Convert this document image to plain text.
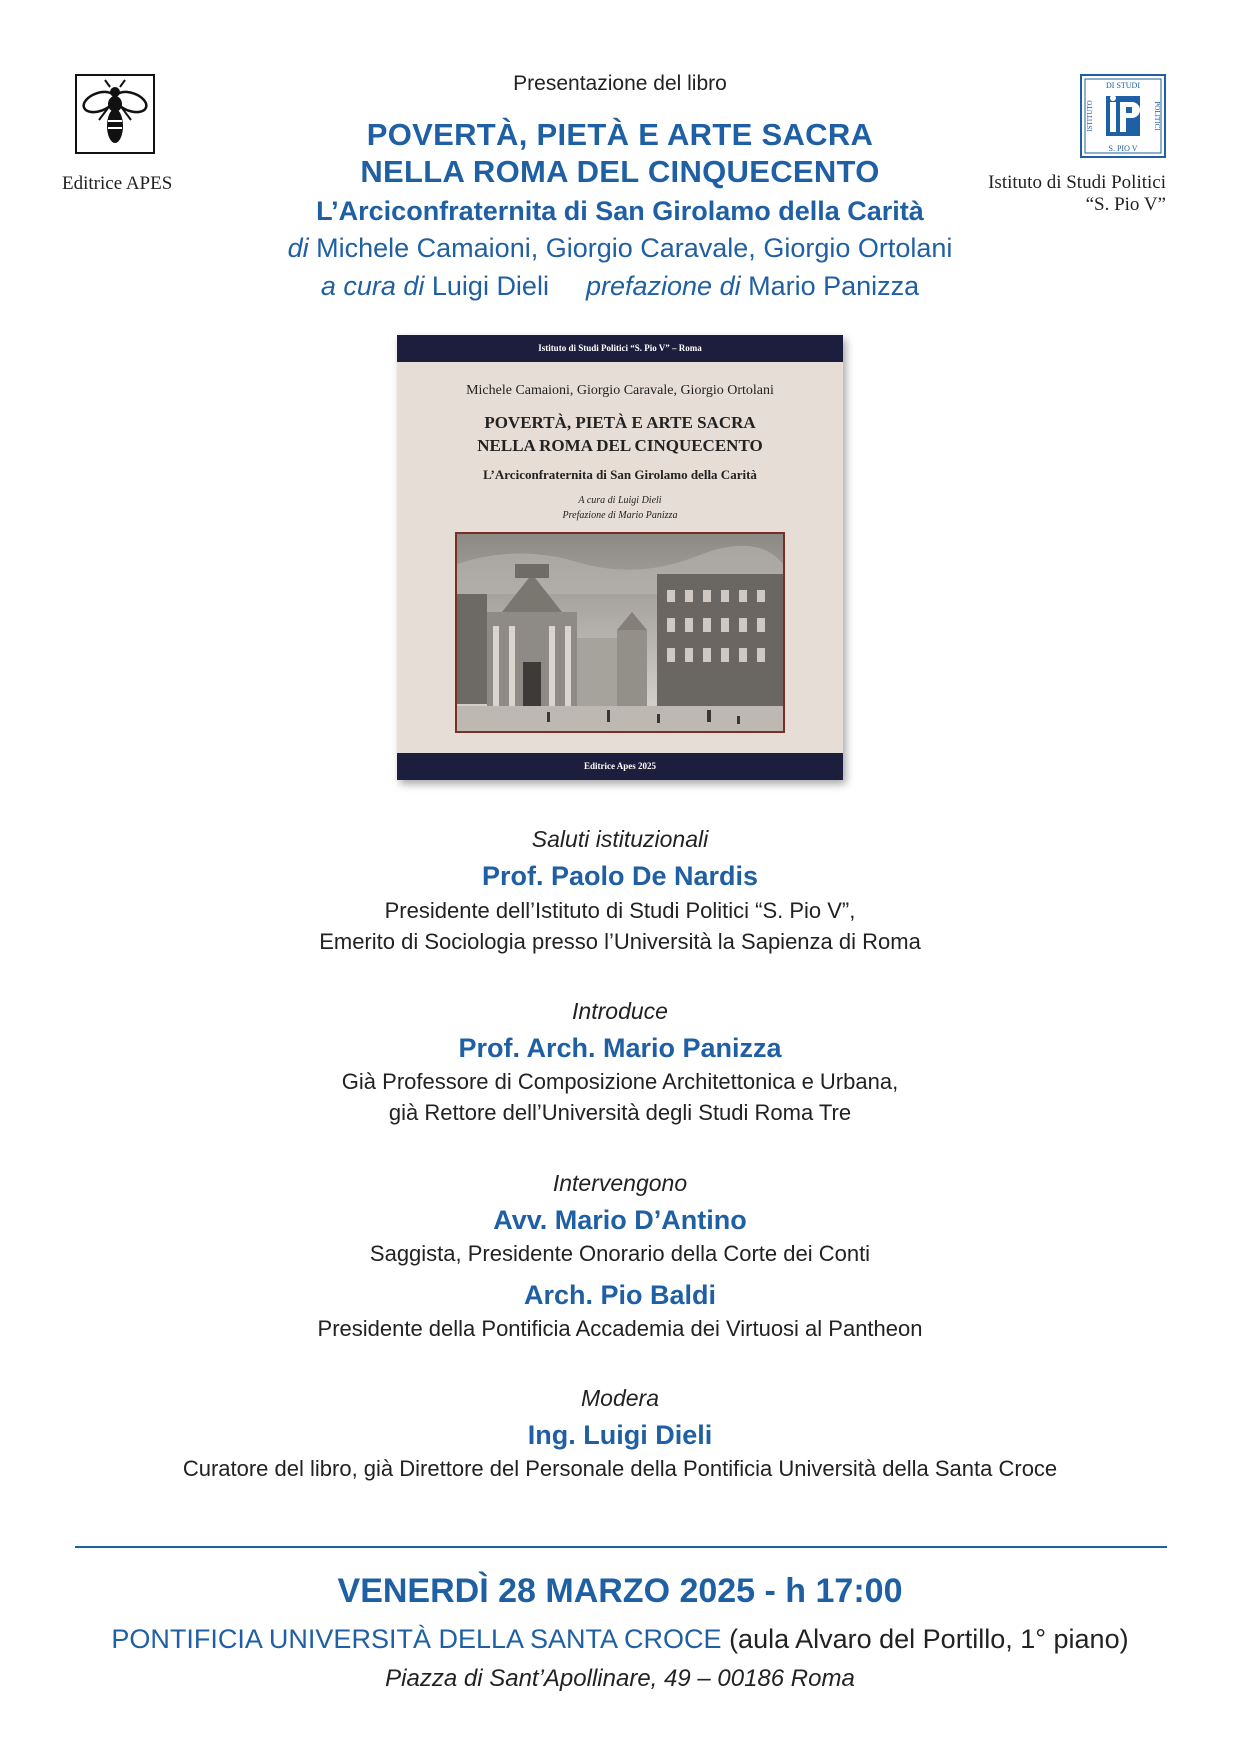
Editrice APES
DI STUDI
S. PIO V
ISTITUTO	POLITICI
Istituto di Studi Politici
“S. Pio V”
Presentazione del libro
POVERTÀ, PIETÀ E ARTE SACRA
NELLA ROMA DEL CINQUECENTO
L’Arciconfraternita di San Girolamo della Carità
di Michele Camaioni, Giorgio Caravale, Giorgio Ortolani
a cura di Luigi Dieli prefazione di Mario Panizza
Istituto di Studi Politici “S. Pio V” – Roma
Michele Camaioni, Giorgio Caravale, Giorgio Ortolani
POVERTÀ, PIETÀ E ARTE SACRA
NELLA ROMA DEL CINQUECENTO
L’Arciconfraternita di San Girolamo della Carità
A cura di Luigi Dieli
Prefazione di Mario Panizza
Editrice Apes 2025
Saluti istituzionali
Prof. Paolo De Nardis
Presidente dell’Istituto di Studi Politici “S. Pio V”,
Emerito di Sociologia presso l’Università la Sapienza di Roma
Introduce
Prof. Arch. Mario Panizza
Già Professore di Composizione Architettonica e Urbana,
già Rettore dell’Università degli Studi Roma Tre
Intervengono
Avv. Mario D’Antino
Saggista, Presidente Onorario della Corte dei Conti
Arch. Pio Baldi
Presidente della Pontificia Accademia dei Virtuosi al Pantheon
Modera
Ing. Luigi Dieli
Curatore del libro, già Direttore del Personale della Pontificia Università della Santa Croce
VENERDÌ 28 MARZO 2025 - h 17:00
PONTIFICIA UNIVERSITÀ DELLA SANTA CROCE (aula Alvaro del Portillo, 1° piano)
Piazza di Sant’Apollinare, 49 – 00186 Roma
